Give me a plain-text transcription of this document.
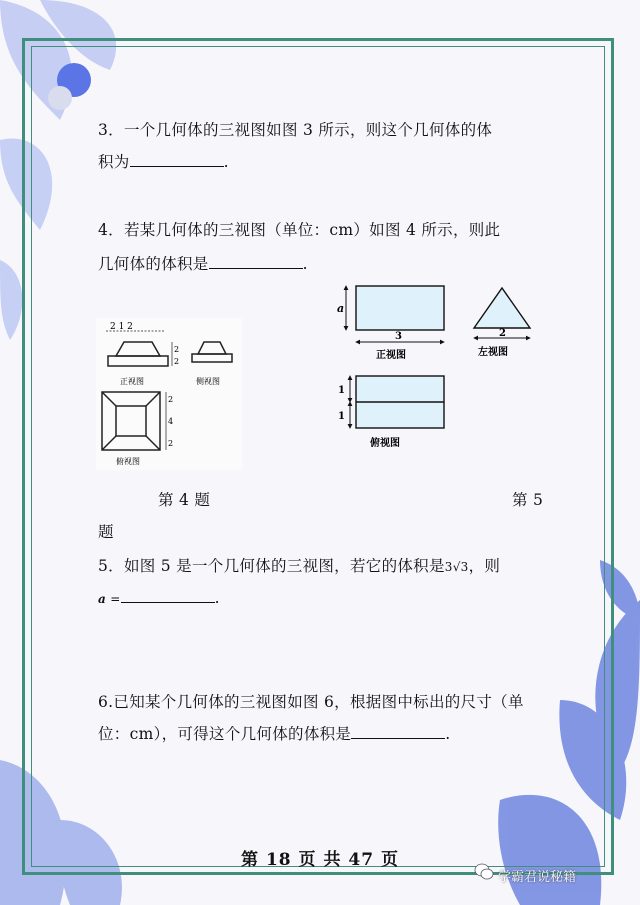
3．一个几何体的三视图如图 3 所示，则这个几何体的体
积为	.
4．若某几何体的三视图（单位：cm）如图 4 所示，则此
几何体的体积是	.
2 1 2
2
2
正视图	侧视图
2
4
2
俯视图
a
3
正视图
2
左视图
1
1
俯视图
第 4 题	第 5
题
5．如图 5 是一个几何体的三视图，若它的体积是3√3，则
a =	.
6.已知某个几何体的三视图如图 6，根据图中标出的尺寸（单
位：cm），可得这个几何体的体积是	.
第 18 页 共 47 页
学霸君说秘籍
